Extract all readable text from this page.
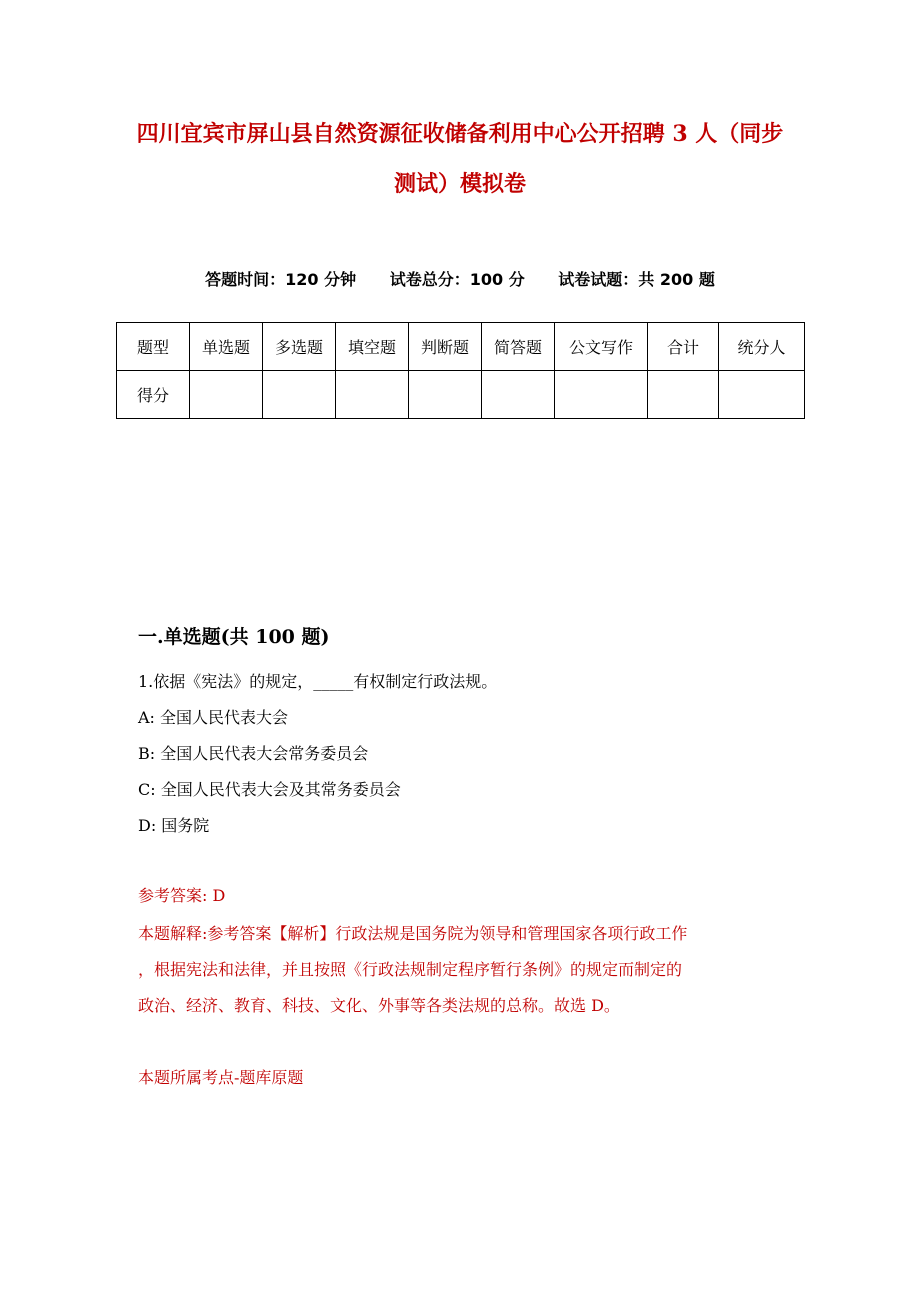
四川宜宾市屏山县自然资源征收储备利用中心公开招聘 3 人（同步
测试）模拟卷
答题时间：120 分钟 试卷总分：100 分 试卷试题：共 200 题
题型	单选题	多选题	填空题	判断题	简答题	公文写作	合计	统分人
得分								
一.单选题(共 100 题)
1.依据《宪法》的规定，_____有权制定行政法规。
A: 全国人民代表大会
B: 全国人民代表大会常务委员会
C: 全国人民代表大会及其常务委员会
D: 国务院
参考答案: D
本题解释:参考答案【解析】行政法规是国务院为领导和管理国家各项行政工作
，根据宪法和法律，并且按照《行政法规制定程序暂行条例》的规定而制定的
政治、经济、教育、科技、文化、外事等各类法规的总称。故选 D。
本题所属考点-题库原题
